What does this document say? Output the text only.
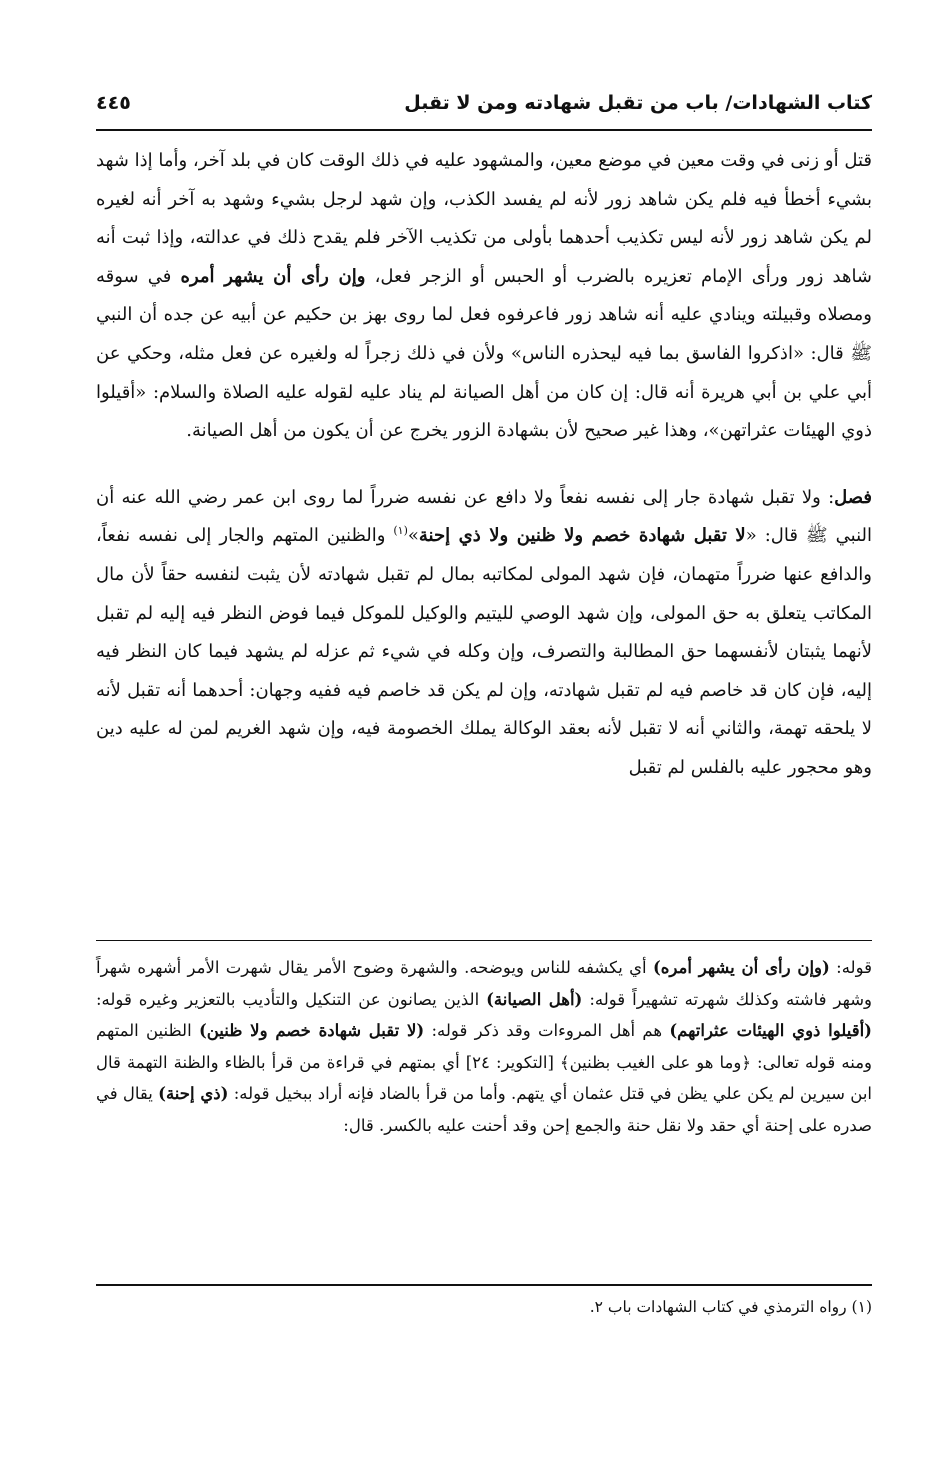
كتاب الشهادات/ باب من تقبل شهادته ومن لا تقبل
٤٤٥

قتل أو زنى في وقت معين في موضع معين، والمشهود عليه في ذلك الوقت كان في بلد آخر، وأما إذا شهد بشيء أخطأ فيه فلم يكن شاهد زور لأنه لم يفسد الكذب، وإن شهد لرجل بشيء وشهد به آخر أنه لغيره لم يكن شاهد زور لأنه ليس تكذيب أحدهما بأولى من تكذيب الآخر فلم يقدح ذلك في عدالته، وإذا ثبت أنه شاهد زور ورأى الإمام تعزيره بالضرب أو الحبس أو الزجر فعل، وإن رأى أن يشهر أمره في سوقه ومصلاه وقبيلته وينادي عليه أنه شاهد زور فاعرفوه فعل لما روى بهز بن حكيم عن أبيه عن جده أن النبي ﷺ قال: «اذكروا الفاسق بما فيه ليحذره الناس» ولأن في ذلك زجراً له ولغيره عن فعل مثله، وحكي عن أبي علي بن أبي هريرة أنه قال: إن كان من أهل الصيانة لم يناد عليه لقوله عليه الصلاة والسلام: «أقيلوا ذوي الهيئات عثراتهن»، وهذا غير صحيح لأن بشهادة الزور يخرج عن أن يكون من أهل الصيانة.

فصل: ولا تقبل شهادة جار إلى نفسه نفعاً ولا دافع عن نفسه ضرراً لما روى ابن عمر رضي الله عنه أن النبي ﷺ قال: «لا تقبل شهادة خصم ولا ظنين ولا ذي إحنة»$^{(١)}$ والظنين المتهم والجار إلى نفسه نفعاً، والدافع عنها ضرراً متهمان، فإن شهد المولى لمكاتبه بمال لم تقبل شهادته لأن يثبت لنفسه حقاً لأن مال المكاتب يتعلق به حق المولى، وإن شهد الوصي لليتيم والوكيل للموكل فيما فوض النظر فيه إليه لم تقبل لأنهما يثبتان لأنفسهما حق المطالبة والتصرف، وإن وكله في شيء ثم عزله لم يشهد فيما كان النظر فيه إليه، فإن كان قد خاصم فيه لم تقبل شهادته، وإن لم يكن قد خاصم فيه ففيه وجهان: أحدهما أنه تقبل لأنه لا يلحقه تهمة، والثاني أنه لا تقبل لأنه بعقد الوكالة يملك الخصومة فيه، وإن شهد الغريم لمن له عليه دين وهو محجور عليه بالفلس لم تقبل

قوله: (وإن رأى أن يشهر أمره) أي يكشفه للناس ويوضحه. والشهرة وضوح الأمر يقال شهرت الأمر أشهره شهراً وشهر فاشته وكذلك شهرته تشهيراً قوله: (أهل الصيانة) الذين يصانون عن التنكيل والتأديب بالتعزير وغيره قوله: (أقيلوا ذوي الهيئات عثراتهم) هم أهل المروءات وقد ذكر قوله: (لا تقبل شهادة خصم ولا ظنين) الظنين المتهم ومنه قوله تعالى: ﴿وما هو على الغيب بظنين﴾ [التكوير: ٢٤] أي بمتهم في قراءة من قرأ بالظاء والظنة التهمة قال ابن سيرين لم يكن علي يظن في قتل عثمان أي يتهم. وأما من قرأ بالضاد فإنه أراد ببخيل قوله: (ذي إحنة) يقال في صدره على إحنة أي حقد ولا نقل حنة والجمع إحن وقد أحنت عليه بالكسر. قال:

(١) رواه الترمذي في كتاب الشهادات باب ٢.
